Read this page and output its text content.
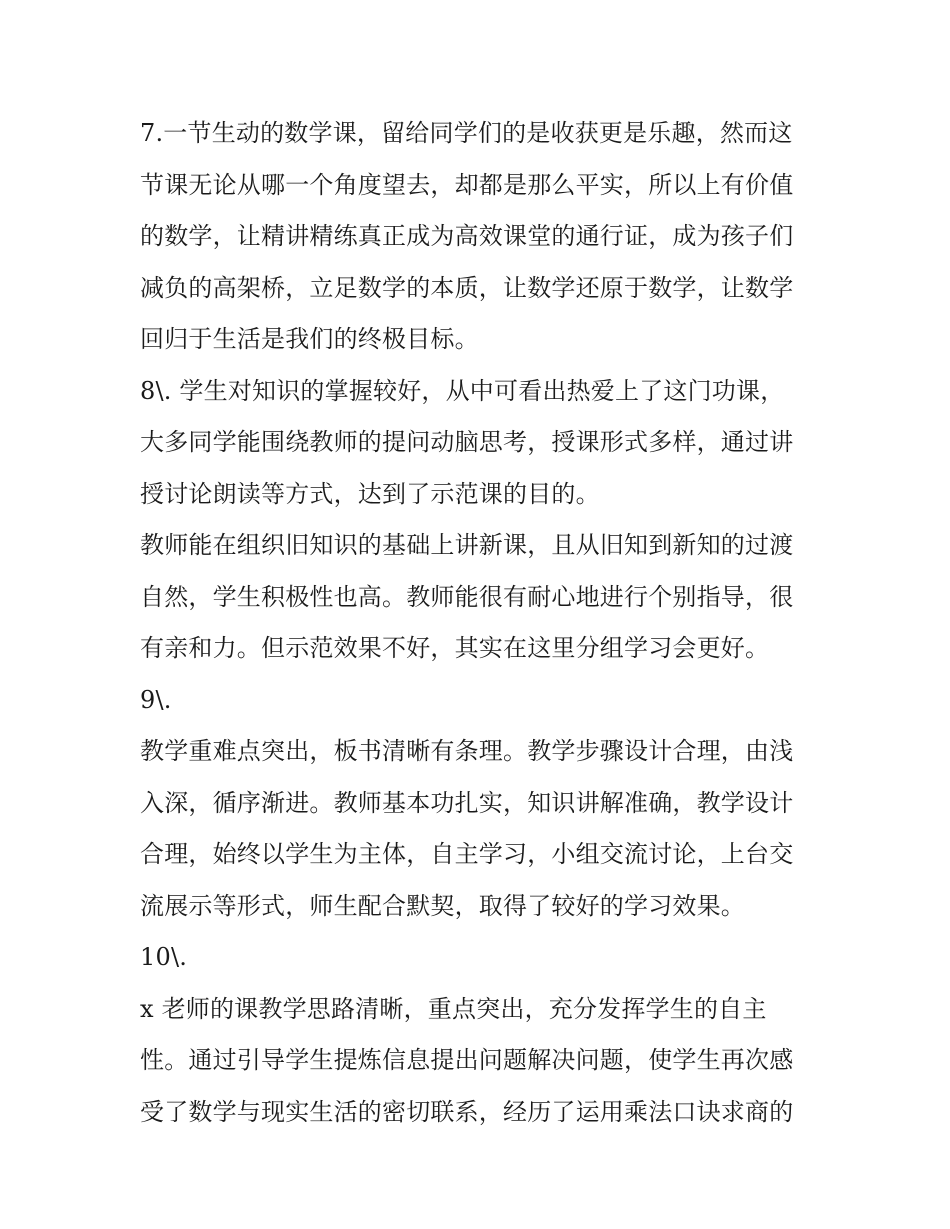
7.一节生动的数学课，留给同学们的是收获更是乐趣，然而这
节课无论从哪一个角度望去，却都是那么平实，所以上有价值
的数学，让精讲精练真正成为高效课堂的通行证，成为孩子们
减负的高架桥，立足数学的本质，让数学还原于数学，让数学
回归于生活是我们的终极目标。
8\. 学生对知识的掌握较好，从中可看出热爱上了这门功课，
大多同学能围绕教师的提问动脑思考，授课形式多样，通过讲
授讨论朗读等方式，达到了示范课的目的。
教师能在组织旧知识的基础上讲新课，且从旧知到新知的过渡
自然，学生积极性也高。教师能很有耐心地进行个别指导，很
有亲和力。但示范效果不好，其实在这里分组学习会更好。
9\.
教学重难点突出，板书清晰有条理。教学步骤设计合理，由浅
入深，循序渐进。教师基本功扎实，知识讲解准确，教学设计
合理，始终以学生为主体，自主学习，小组交流讨论，上台交
流展示等形式，师生配合默契，取得了较好的学习效果。
10\.
x 老师的课教学思路清晰，重点突出，充分发挥学生的自主
性。通过引导学生提炼信息提出问题解决问题，使学生再次感
受了数学与现实生活的密切联系，经历了运用乘法口诀求商的
